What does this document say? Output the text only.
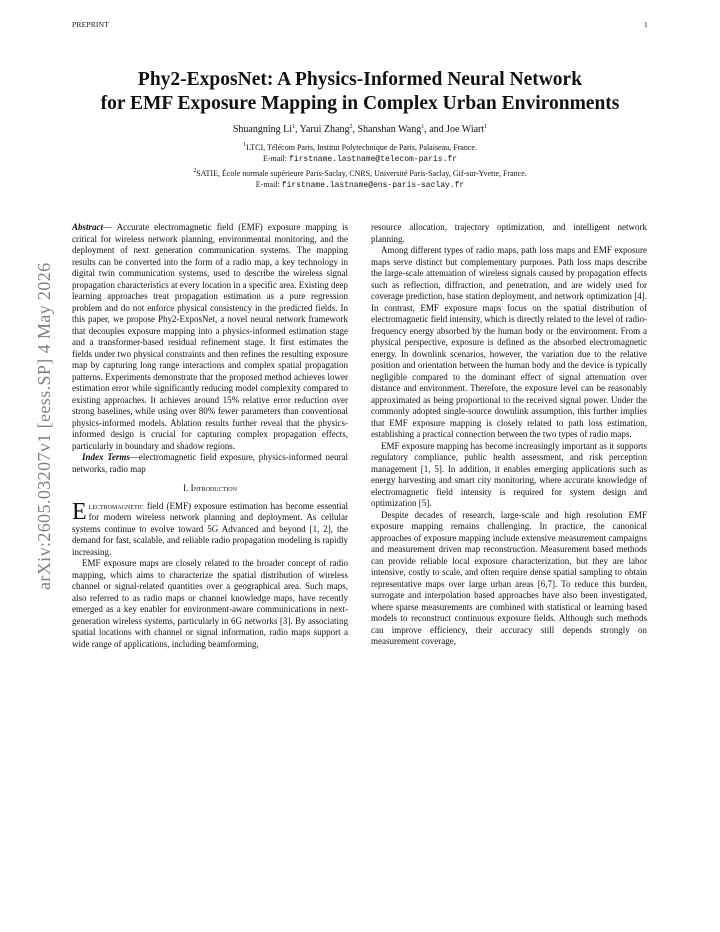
PREPRINT	1
arXiv:2605.03207v1 [eess.SP] 4 May 2026
Phy2-ExposNet: A Physics-Informed Neural Network
for EMF Exposure Mapping in Complex Urban Environments
Shuangning Li$^1$, Yarui Zhang$^2$, Shanshan Wang$^1$, and Joe Wiart$^1$
$^1$LTCI, Télécom Paris, Institut Polytechnique de Paris, Palaiseau, France.
E-mail: firstname.lastname@telecom-paris.fr
$^2$SATIE, École normale supérieure Paris-Saclay, CNRS, Université Paris-Saclay, Gif-sur-Yvette, France.
E-mail: firstname.lastname@ens-paris-saclay.fr

Abstract— Accurate electromagnetic field (EMF) exposure mapping is critical for wireless network planning, environmental monitoring, and the deployment of next generation communication systems. The mapping results can be converted into the form of a radio map, a key technology in digital twin communication systems, used to describe the wireless signal propagation characteristics at every location in a specific area. Existing deep learning approaches treat propagation estimation as a pure regression problem and do not enforce physical consistency in the predicted fields. In this paper, we propose Phy2-ExposNet, a novel neural network framework that decouples exposure mapping into a physics-informed estimation stage and a transformer-based residual refinement stage. It first estimates the fields under two physical constraints and then refines the resulting exposure map by capturing long range interactions and complex spatial propagation patterns. Experiments demonstrate that the proposed method achieves lower estimation error while significantly reducing model complexity compared to existing approaches. It achieves around 15% relative error reduction over strong baselines, while using over 80% fewer parameters than conventional physics-informed models. Ablation results further reveal that the physics-informed design is crucial for capturing complex propagation effects, particularly in boundary and shadow regions.

Index Terms—electromagnetic field exposure, physics-informed neural networks, radio map

I. Introduction

Electromagnetic field (EMF) exposure estimation has become essential for modern wireless network planning and deployment. As cellular systems continue to evolve toward 5G Advanced and beyond [1, 2], the demand for fast, scalable, and reliable radio propagation modeling is rapidly increasing.

EMF exposure maps are closely related to the broader concept of radio mapping, which aims to characterize the spatial distribution of wireless channel or signal-related quantities over a geographical area. Such maps, also referred to as radio maps or channel knowledge maps, have recently emerged as a key enabler for environment-aware communications in next-generation wireless systems, particularly in 6G networks [3]. By associating spatial locations with channel or signal information, radio maps support a wide range of applications, including beamforming,

resource allocation, trajectory optimization, and intelligent network planning.

Among different types of radio maps, path loss maps and EMF exposure maps serve distinct but complementary purposes. Path loss maps describe the large-scale attenuation of wireless signals caused by propagation effects such as reflection, diffraction, and penetration, and are widely used for coverage prediction, base station deployment, and network optimization [4]. In contrast, EMF exposure maps focus on the spatial distribution of electromagnetic field intensity, which is directly related to the level of radio-frequency energy absorbed by the human body or the environment. From a physical perspective, exposure is defined as the absorbed electromagnetic energy. In downlink scenarios, however, the variation due to the relative position and orientation between the human body and the device is typically negligible compared to the dominant effect of signal attenuation over distance and environment. Therefore, the exposure level can be reasonably approximated as being proportional to the received signal power. Under the commonly adopted single-source downlink assumption, this further implies that EMF exposure mapping is closely related to path loss estimation, establishing a practical connection between the two types of radio maps.

EMF exposure mapping has become increasingly important as it supports regulatory compliance, public health assessment, and risk perception management [1, 5]. In addition, it enables emerging applications such as energy harvesting and smart city monitoring, where accurate knowledge of electromagnetic field intensity is required for system design and optimization [5].

Despite decades of research, large-scale and high resolution EMF exposure mapping remains challenging. In practice, the canonical approaches of exposure mapping include extensive measurement campaigns and measurement driven map reconstruction. Measurement based methods can provide reliable local exposure characterization, but they are labor intensive, costly to scale, and often require dense spatial sampling to obtain representative maps over large urban areas [6,7]. To reduce this burden, surrogate and interpolation based approaches have also been investigated, where sparse measurements are combined with statistical or learning based models to reconstruct continuous exposure fields. Although such methods can improve efficiency, their accuracy still depends strongly on measurement coverage,
